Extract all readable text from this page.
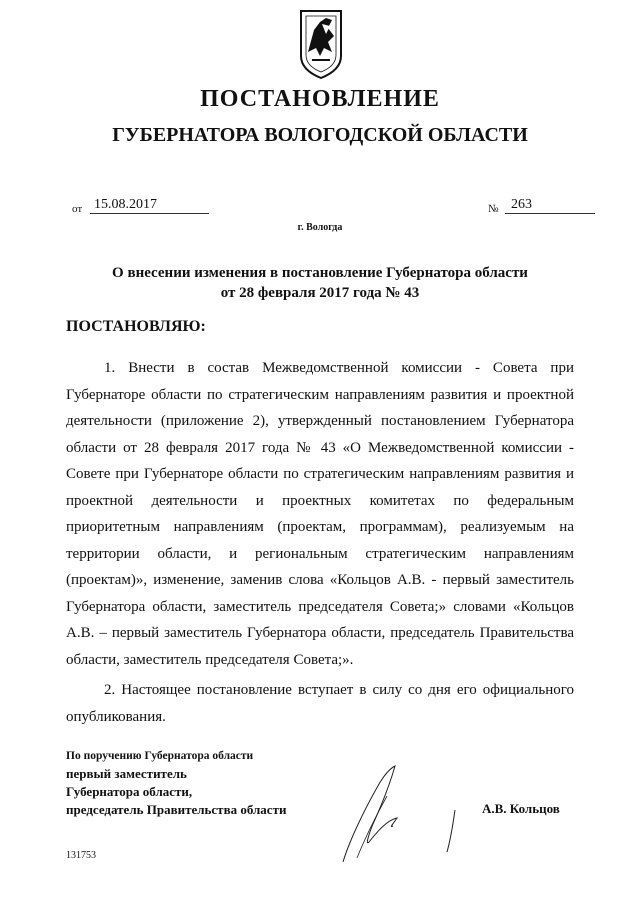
ПОСТАНОВЛЕНИЕ
ГУБЕРНАТОРА ВОЛОГОДСКОЙ ОБЛАСТИ
от 15.08.2017	№ 263
г. Вологда
О внесении изменения в постановление Губернатора области
от 28 февраля 2017 года № 43
ПОСТАНОВЛЯЮ:
1. Внести в состав Межведомственной комиссии - Совета при Губернаторе области по стратегическим направлениям развития и проектной деятельности (приложение 2), утвержденный постановлением Губернатора области от 28 февраля 2017 года № 43 «О Межведомственной комиссии - Совете при Губернаторе области по стратегическим направлениям развития и проектной деятельности и проектных комитетах по федеральным приоритетным направлениям (проектам, программам), реализуемым на территории области, и региональным стратегическим направлениям (проектам)», изменение, заменив слова «Кольцов А.В. - первый заместитель Губернатора области, заместитель председателя Совета;» словами «Кольцов А.В. – первый заместитель Губернатора области, председатель Правительства области, заместитель председателя Совета;».
2. Настоящее постановление вступает в силу со дня его официального опубликования.
По поручению Губернатора области
первый заместитель
Губернатора области,
председатель Правительства области	А.В. Кольцов
131753
